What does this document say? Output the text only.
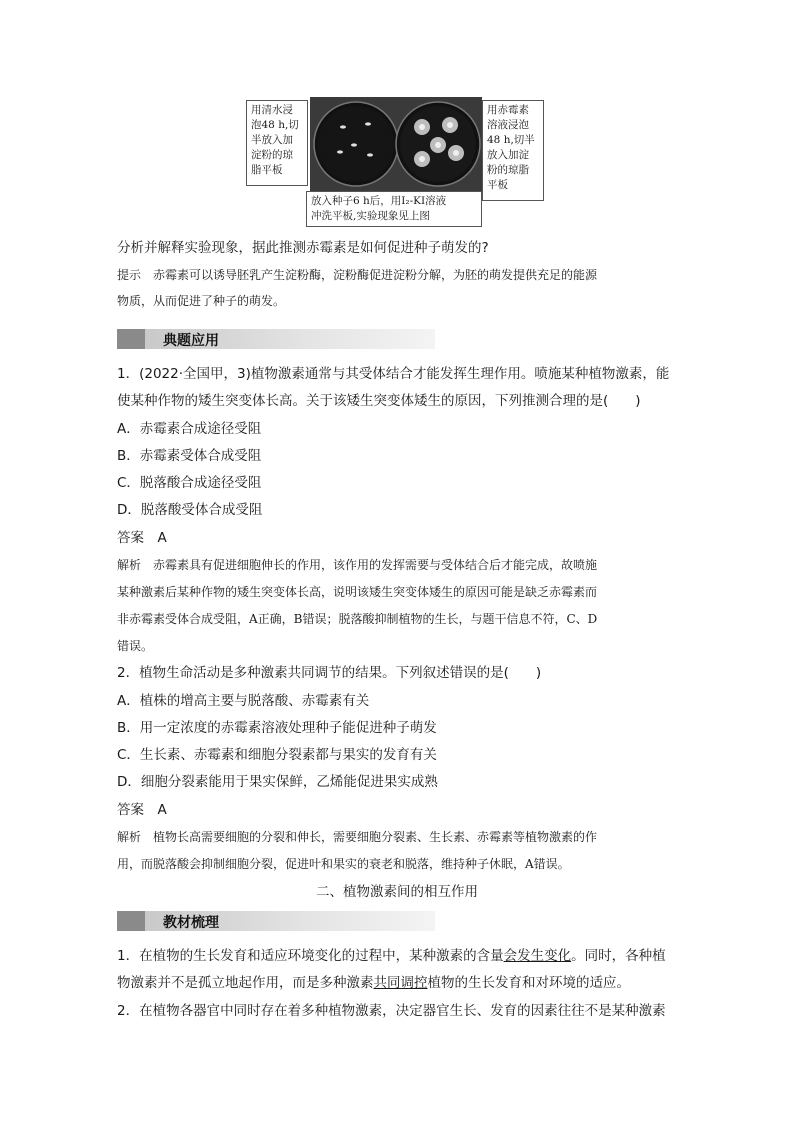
用清水浸
泡48 h,切
半放入加
淀粉的琼
脂平板
用赤霉素
溶液浸泡
48 h,切半
放入加淀
粉的琼脂
平板
放入种子6 h后，用I₂-KI溶液
冲洗平板,实验现象见上图
分析并解释实验现象，据此推测赤霉素是如何促进种子萌发的?
提示　赤霉素可以诱导胚乳产生淀粉酶，淀粉酶促进淀粉分解，为胚的萌发提供充足的能源
物质，从而促进了种子的萌发。
典题应用
1．(2022·全国甲，3)植物激素通常与其受体结合才能发挥生理作用。喷施某种植物激素，能
使某种作物的矮生突变体长高。关于该矮生突变体矮生的原因，下列推测合理的是(　　)
A．赤霉素合成途径受阻
B．赤霉素受体合成受阻
C．脱落酸合成途径受阻
D．脱落酸受体合成受阻
答案　A
解析　赤霉素具有促进细胞伸长的作用，该作用的发挥需要与受体结合后才能完成，故喷施
某种激素后某种作物的矮生突变体长高，说明该矮生突变体矮生的原因可能是缺乏赤霉素而
非赤霉素受体合成受阻，A正确，B错误；脱落酸抑制植物的生长，与题干信息不符，C、D
错误。
2．植物生命活动是多种激素共同调节的结果。下列叙述错误的是(　　)
A．植株的增高主要与脱落酸、赤霉素有关
B．用一定浓度的赤霉素溶液处理种子能促进种子萌发
C．生长素、赤霉素和细胞分裂素都与果实的发育有关
D．细胞分裂素能用于果实保鲜，乙烯能促进果实成熟
答案　A
解析　植物长高需要细胞的分裂和伸长，需要细胞分裂素、生长素、赤霉素等植物激素的作
用，而脱落酸会抑制细胞分裂，促进叶和果实的衰老和脱落，维持种子休眠，A错误。
二、植物激素间的相互作用
教材梳理
1．在植物的生长发育和适应环境变化的过程中，某种激素的含量会发生变化。同时，各种植
物激素并不是孤立地起作用，而是多种激素共同调控植物的生长发育和对环境的适应。
2．在植物各器官中同时存在着多种植物激素，决定器官生长、发育的因素往往不是某种激素
